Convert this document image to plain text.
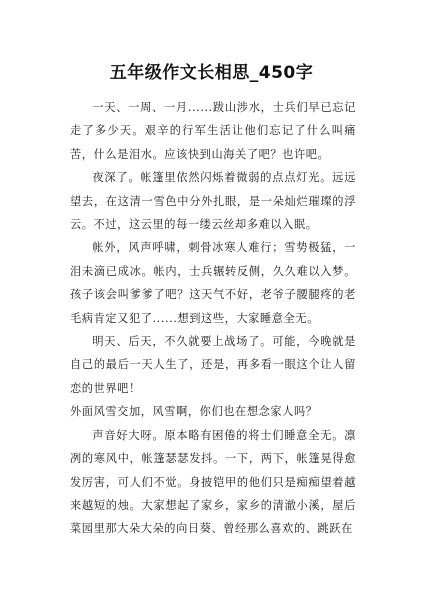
五年级作文长相思_450字

一天、一周、一月......跋山涉水，士兵们早已忘记走了多少天。艰辛的行军生活让他们忘记了什么叫痛苦，什么是泪水。应该快到山海关了吧？也许吧。

夜深了。帐篷里依然闪烁着微弱的点点灯光。远远望去，在这清一雪色中分外扎眼，是一朵灿烂璀璨的浮云。不过，这云里的每一缕云丝却多难以入眠。

帐外，风声呼啸，刺骨冰寒人难行；雪势极猛，一泪未滴已成冰。帐内，士兵辗转反侧，久久难以入梦。孩子该会叫爹爹了吧？这天气不好，老爷子腰腿疼的老毛病肯定又犯了......想到这些，大家睡意全无。

明天、后天，不久就要上战场了。可能，今晚就是自己的最后一天人生了，还是，再多看一眼这个让人留恋的世界吧！

外面风雪交加，风雪啊，你们也在想念家人吗？

声音好大呀。原本略有困倦的将士们睡意全无。凛冽的寒风中，帐篷瑟瑟发抖。一下，两下，帐篷晃得愈发厉害，可人们不觉。身披铠甲的他们只是痴痴望着越来越短的烛。大家想起了家乡，家乡的清澈小溪，屋后菜园里那大朵大朵的向日葵、曾经那么喜欢的、跳跃在
